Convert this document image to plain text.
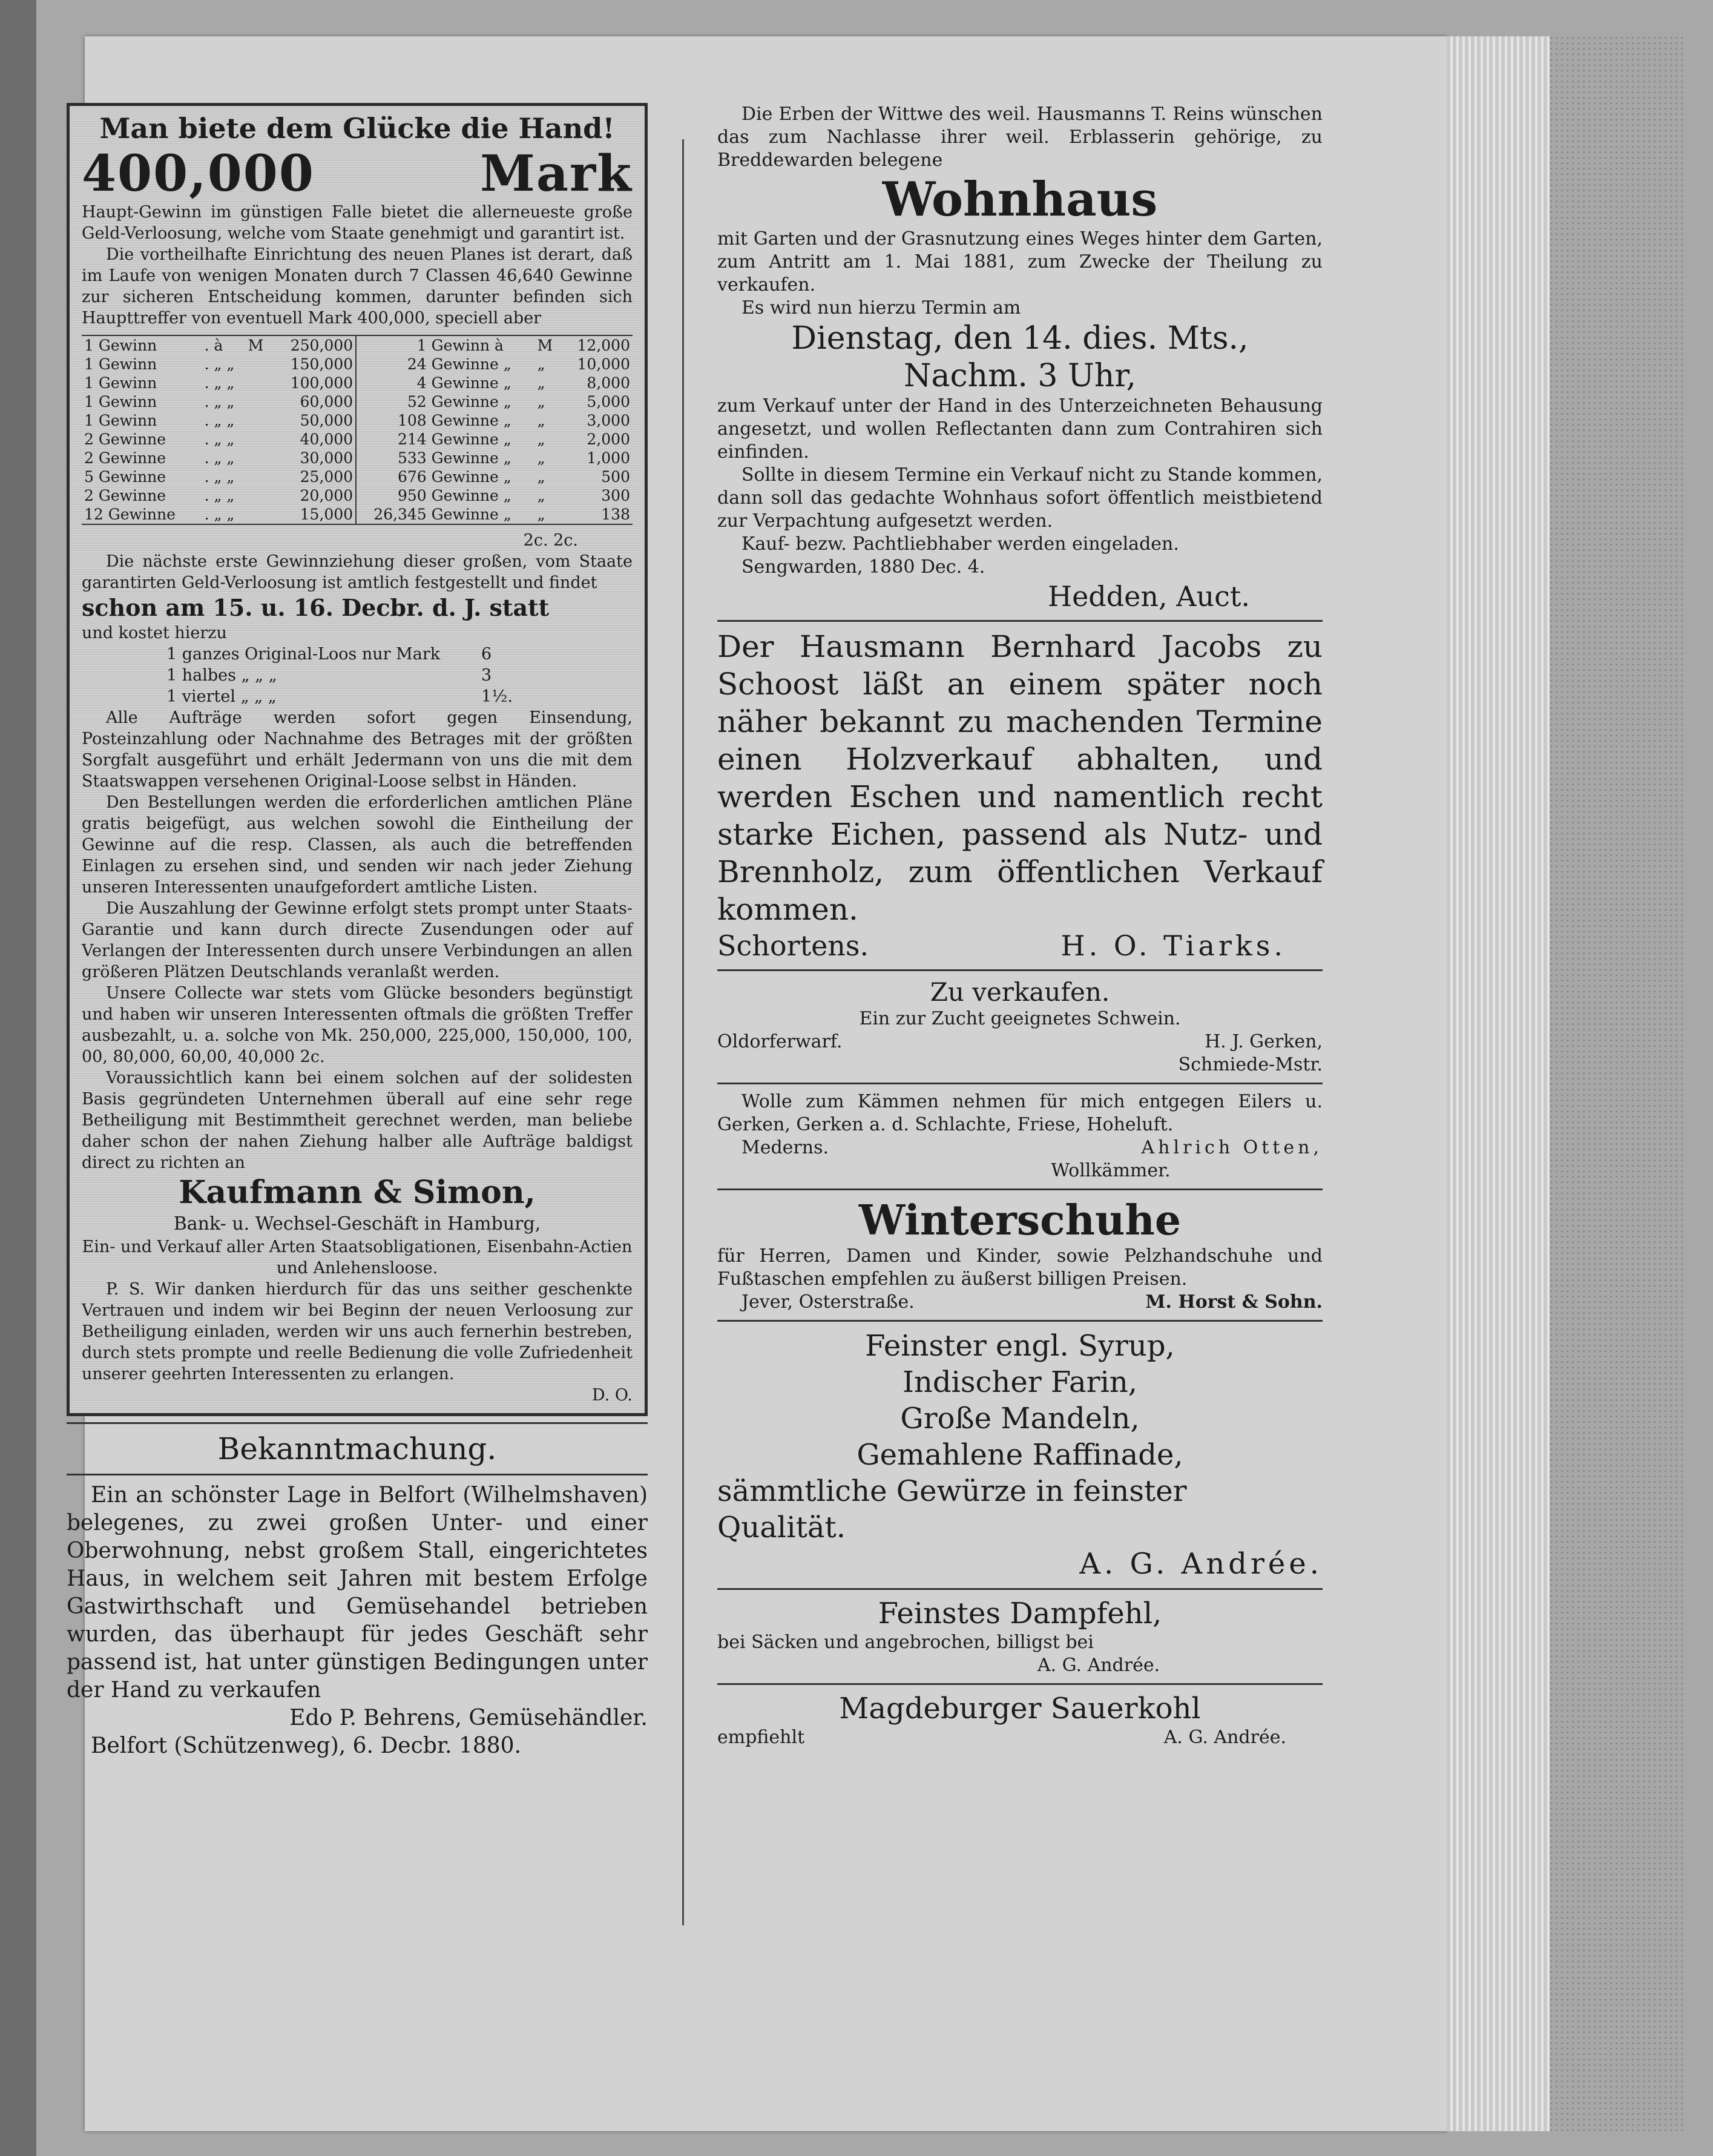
Man biete dem Glücke die Hand!
400,000	Mark

Haupt-Gewinn im günstigen Falle bietet die allerneueste große Geld-Verloosung, welche vom Staate genehmigt und garantirt ist.

Die vortheilhafte Einrichtung des neuen Planes ist derart, daß im Laufe von wenigen Monaten durch 7 Classen 46,640 Gewinne zur sicheren Entscheidung kommen, darunter befinden sich Haupttreffer von eventuell Mark 400,000, speciell aber

1 Gewinn	. à	M	250,000	1	Gewinn à	M	12,000
1 Gewinn	. „ „		150,000	24	Gewinne „	„	10,000
1 Gewinn	. „ „		100,000	4	Gewinne „	„	8,000
1 Gewinn	. „ „		60,000	52	Gewinne „	„	5,000
1 Gewinn	. „ „		50,000	108	Gewinne „	„	3,000
2 Gewinne	. „ „		40,000	214	Gewinne „	„	2,000
2 Gewinne	. „ „		30,000	533	Gewinne „	„	1,000
5 Gewinne	. „ „		25,000	676	Gewinne „	„	500
2 Gewinne	. „ „		20,000	950	Gewinne „	„	300
12 Gewinne	. „ „		15,000	26,345	Gewinne „	„	138
2c. 2c.

Die nächste erste Gewinnziehung dieser großen, vom Staate garantirten Geld-Verloosung ist amtlich festgestellt und findet

schon am 15. u. 16. Decbr. d. J. statt
und kostet hierzu
1 ganzes Original-Loos nur Mark	6
1 halbes „ „ „	3
1 viertel „ „ „	1½.

Alle Aufträge werden sofort gegen Einsendung, Posteinzahlung oder Nachnahme des Betrages mit der größten Sorgfalt ausgeführt und erhält Jedermann von uns die mit dem Staatswappen versehenen Original-Loose selbst in Händen.

Den Bestellungen werden die erforderlichen amtlichen Pläne gratis beigefügt, aus welchen sowohl die Eintheilung der Gewinne auf die resp. Classen, als auch die betreffenden Einlagen zu ersehen sind, und senden wir nach jeder Ziehung unseren Interessenten unaufgefordert amtliche Listen.

Die Auszahlung der Gewinne erfolgt stets prompt unter Staats-Garantie und kann durch directe Zusendungen oder auf Verlangen der Interessenten durch unsere Verbindungen an allen größeren Plätzen Deutschlands veranlaßt werden.

Unsere Collecte war stets vom Glücke besonders begünstigt und haben wir unseren Interessenten oftmals die größten Treffer ausbezahlt, u. a. solche von Mk. 250,000, 225,000, 150,000, 100, 00, 80,000, 60,00, 40,000 2c.

Voraussichtlich kann bei einem solchen auf der solidesten Basis gegründeten Unternehmen überall auf eine sehr rege Betheiligung mit Bestimmtheit gerechnet werden, man beliebe daher schon der nahen Ziehung halber alle Aufträge baldigst direct zu richten an

Kaufmann & Simon,
Bank- u. Wechsel-Geschäft in Hamburg,

Ein- und Verkauf aller Arten Staatsobligationen, Eisenbahn-Actien und Anlehensloose.

P. S. Wir danken hierdurch für das uns seither geschenkte Vertrauen und indem wir bei Beginn der neuen Verloosung zur Betheiligung einladen, werden wir uns auch fernerhin bestreben, durch stets prompte und reelle Bedienung die volle Zufriedenheit unserer geehrten Interessenten zu erlangen.

D. O.
Bekanntmachung.

Ein an schönster Lage in Belfort (Wilhelmshaven) belegenes, zu zwei großen Unter- und einer Oberwohnung, nebst großem Stall, eingerichtetes Haus, in welchem seit Jahren mit bestem Erfolge Gastwirthschaft und Gemüsehandel betrieben wurden, das überhaupt für jedes Geschäft sehr passend ist, hat unter günstigen Bedingungen unter der Hand zu verkaufen

Edo P. Behrens, Gemüsehändler.
Belfort (Schützenweg), 6. Decbr. 1880.

Die Erben der Wittwe des weil. Hausmanns T. Reins wünschen das zum Nachlasse ihrer weil. Erblasserin gehörige, zu Breddewarden belegene

Wohnhaus

mit Garten und der Grasnutzung eines Weges hinter dem Garten, zum Antritt am 1. Mai 1881, zum Zwecke der Theilung zu verkaufen.

Es wird nun hierzu Termin am

Dienstag, den 14. dies. Mts.,
Nachm. 3 Uhr,

zum Verkauf unter der Hand in des Unterzeichneten Behausung angesetzt, und wollen Reflectanten dann zum Contrahiren sich einfinden.

Sollte in diesem Termine ein Verkauf nicht zu Stande kommen, dann soll das gedachte Wohnhaus sofort öffentlich meistbietend zur Verpachtung aufgesetzt werden.

Kauf- bezw. Pachtliebhaber werden eingeladen.

Sengwarden, 1880 Dec. 4.

Hedden, Auct.

Der Hausmann Bernhard Jacobs zu Schoost läßt an einem später noch näher bekannt zu machenden Termine einen Holzverkauf abhalten, und werden Eschen und namentlich recht starke Eichen, passend als Nutz- und Brennholz, zum öffentlichen Verkauf kommen.

Schortens.	H. O. Tiarks.
Zu verkaufen.
Ein zur Zucht geeignetes Schwein.
Oldorferwarf.	H. J. Gerken,
Schmiede-Mstr.

Wolle zum Kämmen nehmen für mich entgegen Eilers u. Gerken, Gerken a. d. Schlachte, Friese, Hoheluft.

Mederns.	Ahlrich Otten,
Wollkämmer.
Winterschuhe

für Herren, Damen und Kinder, sowie Pelzhandschuhe und Fußtaschen empfehlen zu äußerst billigen Preisen.

Jever, Osterstraße.	M. Horst & Sohn.
Feinster engl. Syrup,
Indischer Farin,
Große Mandeln,
Gemahlene Raffinade,
sämmtliche Gewürze in feinster Qualität.
A. G. Andrée.
Feinstes Dampfehl,
bei Säcken und angebrochen, billigst bei
A. G. Andrée.
Magdeburger Sauerkohl
empfiehlt	A. G. Andrée.
